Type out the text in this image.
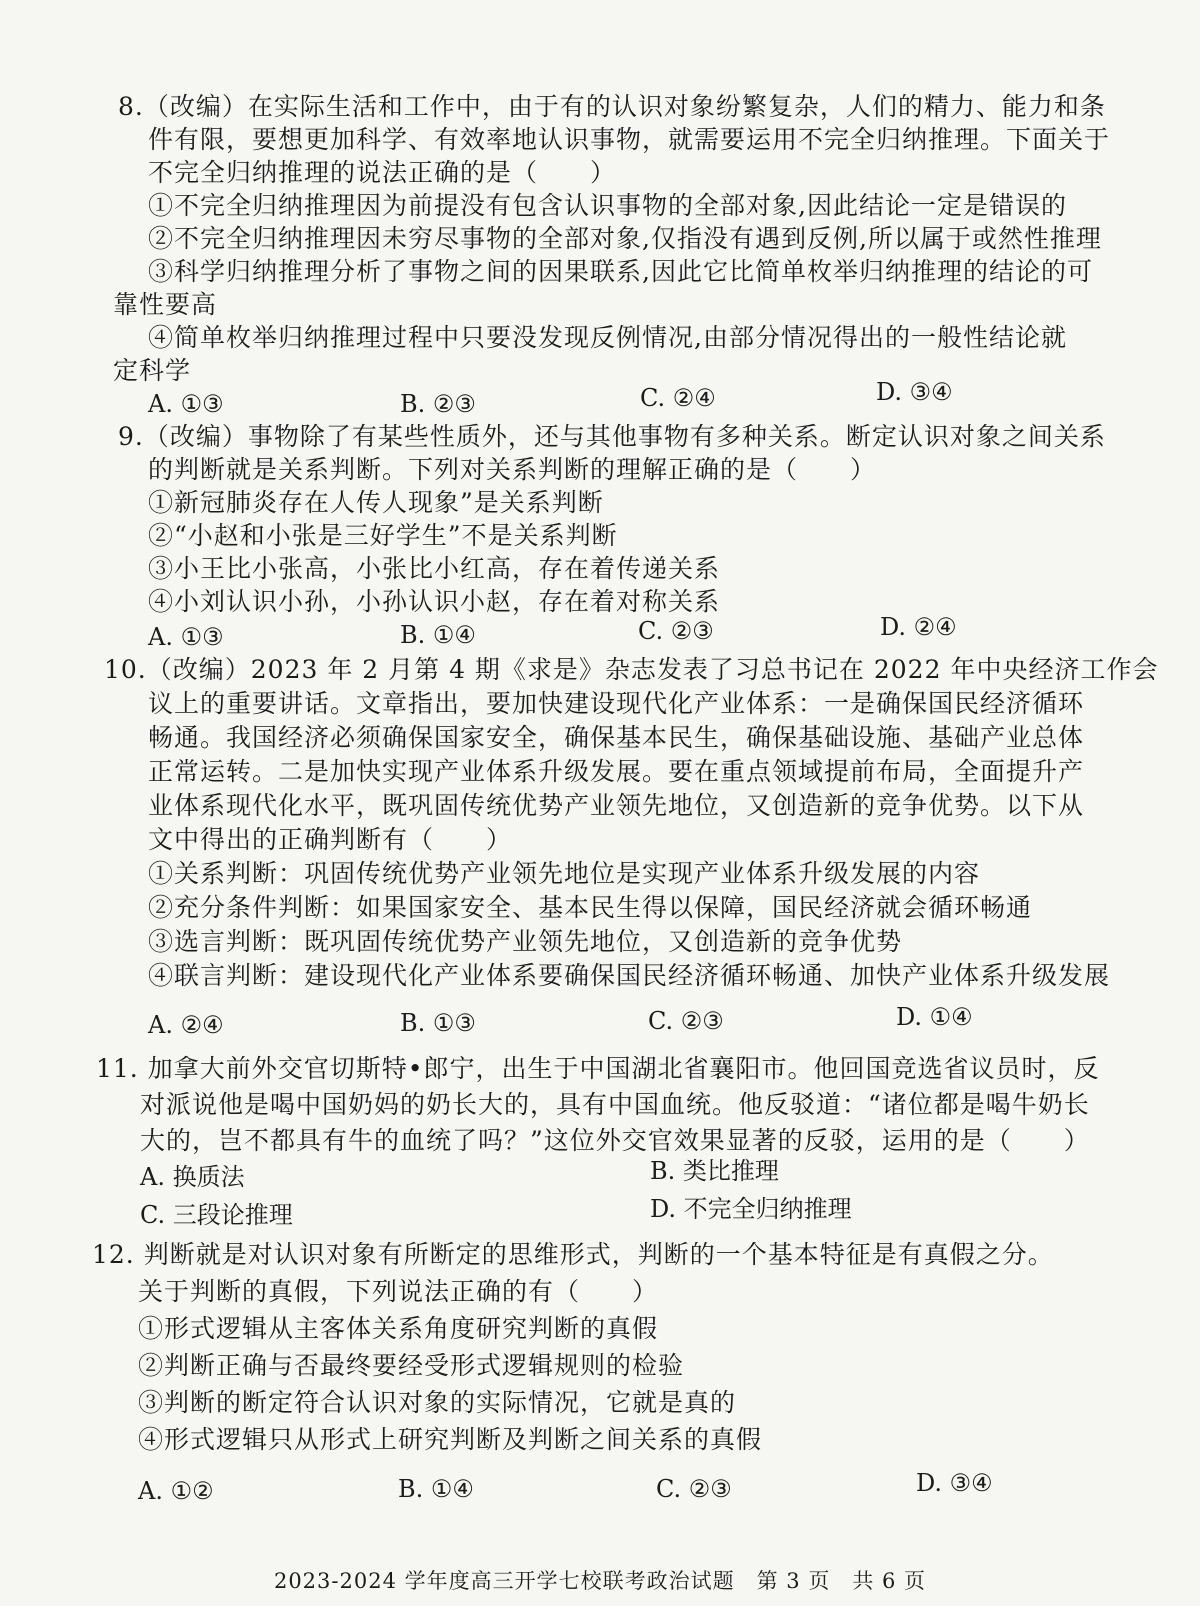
8.（改编）在实际生活和工作中，由于有的认识对象纷繁复杂，人们的精力、能力和条
件有限，要想更加科学、有效率地认识事物，就需要运用不完全归纳推理。下面关于
不完全归纳推理的说法正确的是（　　）
①不完全归纳推理因为前提没有包含认识事物的全部对象,因此结论一定是错误的
②不完全归纳推理因未穷尽事物的全部对象,仅指没有遇到反例,所以属于或然性推理
③科学归纳推理分析了事物之间的因果联系,因此它比简单枚举归纳推理的结论的可
靠性要高
④简单枚举归纳推理过程中只要没发现反例情况,由部分情况得出的一般性结论就
定科学
A. ①③	B. ②③	C. ②④	D. ③④
9.（改编）事物除了有某些性质外，还与其他事物有多种关系。断定认识对象之间关系
的判断就是关系判断。下列对关系判断的理解正确的是（　　）
①新冠肺炎存在人传人现象”是关系判断
②“小赵和小张是三好学生”不是关系判断
③小王比小张高，小张比小红高，存在着传递关系
④小刘认识小孙，小孙认识小赵，存在着对称关系
A. ①③	B. ①④	C. ②③	D. ②④
10.（改编）2023 年 2 月第 4 期《求是》杂志发表了习总书记在 2022 年中央经济工作会
议上的重要讲话。文章指出，要加快建设现代化产业体系：一是确保国民经济循环
畅通。我国经济必须确保国家安全，确保基本民生，确保基础设施、基础产业总体
正常运转。二是加快实现产业体系升级发展。要在重点领域提前布局，全面提升产
业体系现代化水平，既巩固传统优势产业领先地位，又创造新的竞争优势。以下从
文中得出的正确判断有（　　）
①关系判断：巩固传统优势产业领先地位是实现产业体系升级发展的内容
②充分条件判断：如果国家安全、基本民生得以保障，国民经济就会循环畅通
③选言判断：既巩固传统优势产业领先地位，又创造新的竞争优势
④联言判断：建设现代化产业体系要确保国民经济循环畅通、加快产业体系升级发展
A. ②④	B. ①③	C. ②③	D. ①④
11. 加拿大前外交官切斯特•郎宁，出生于中国湖北省襄阳市。他回国竞选省议员时，反
对派说他是喝中国奶妈的奶长大的，具有中国血统。他反驳道：“诸位都是喝牛奶长
大的，岂不都具有牛的血统了吗？”这位外交官效果显著的反驳，运用的是（　　）
A. 换质法	B. 类比推理
C. 三段论推理	D. 不完全归纳推理
12. 判断就是对认识对象有所断定的思维形式，判断的一个基本特征是有真假之分。
关于判断的真假，下列说法正确的有（　　）
①形式逻辑从主客体关系角度研究判断的真假
②判断正确与否最终要经受形式逻辑规则的检验
③判断的断定符合认识对象的实际情况，它就是真的
④形式逻辑只从形式上研究判断及判断之间关系的真假
A. ①②	B. ①④	C. ②③	D. ③④
2023-2024 学年度高三开学七校联考政治试题　第 3 页　共 6 页
